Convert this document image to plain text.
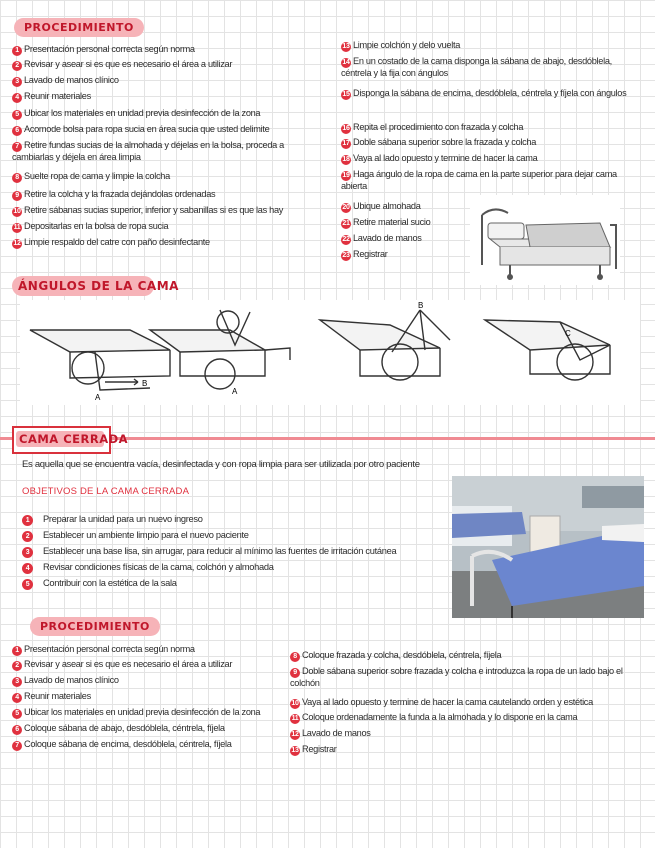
PROCEDIMIENTO
1 Presentación personal correcta según norma
2 Revisar y asear si es que es necesario el área a utilizar
3 Lavado de manos clínico
4 Reunir materiales
5 Ubicar los materiales en unidad previa desinfección de la zona
6 Acomode bolsa para ropa sucia en área sucia que usted delimite
7 Retire fundas sucias de la almohada y déjelas en la bolsa, proceda a cambiarlas y déjela en área limpia
8 Suelte ropa de cama y limpie la colcha
9 Retire la colcha y la frazada dejándolas ordenadas
10 Retire sábanas sucias superior, inferior y sabanillas si es que las hay
11 Depositarlas en la bolsa de ropa sucia
12 Limpie respaldo del catre con paño desinfectante
13 Limpie colchón y delo vuelta
14 En un costado de la cama disponga la sábana de abajo, desdóblela, céntrela y la fija con ángulos
15 Disponga la sábana de encima, desdóblela, céntrela y fíjela con ángulos
16 Repita el procedimiento con frazada y colcha
17 Doble sábana superior sobre la frazada y colcha
18 Vaya al lado opuesto y termine de hacer la cama
19 Haga ángulo de la ropa de cama en la parte superior para dejar cama abierta
20 Ubique almohada
21 Retire material sucio
22 Lavado de manos
23 Registrar
ÁNGULOS DE LA CAMA
A
B
A
B
C
CAMA CERRADA
Es aquella que se encuentra vacía, desinfectada y con ropa limpia para ser utilizada por otro paciente
OBJETIVOS DE LA CAMA CERRADA
1 Preparar la unidad para un nuevo ingreso
2 Establecer un ambiente limpio para el nuevo paciente
3 Establecer una base lisa, sin arrugar, para reducir al mínimo las fuentes de irritación cutánea
4 Revisar condiciones físicas de la cama, colchón y almohada
5 Contribuir con la estética de la sala
PROCEDIMIENTO
1 Presentación personal correcta según norma
2 Revisar y asear si es que es necesario el área a utilizar
3 Lavado de manos clínico
4 Reunir materiales
5 Ubicar los materiales en unidad previa desinfección de la zona
6 Coloque sábana de abajo, desdóblela, céntrela, fíjela
7 Coloque sábana de encima, desdóblela, céntrela, fíjela
8 Coloque frazada y colcha, desdóblela, céntrela, fíjela
9 Doble sábana superior sobre frazada y colcha e introduzca la ropa de un lado bajo el colchón
10 Vaya al lado opuesto y termine de hacer la cama cautelando orden y estética
11 Coloque ordenadamente la funda a la almohada y lo dispone en la cama
12 Lavado de manos
13 Registrar
